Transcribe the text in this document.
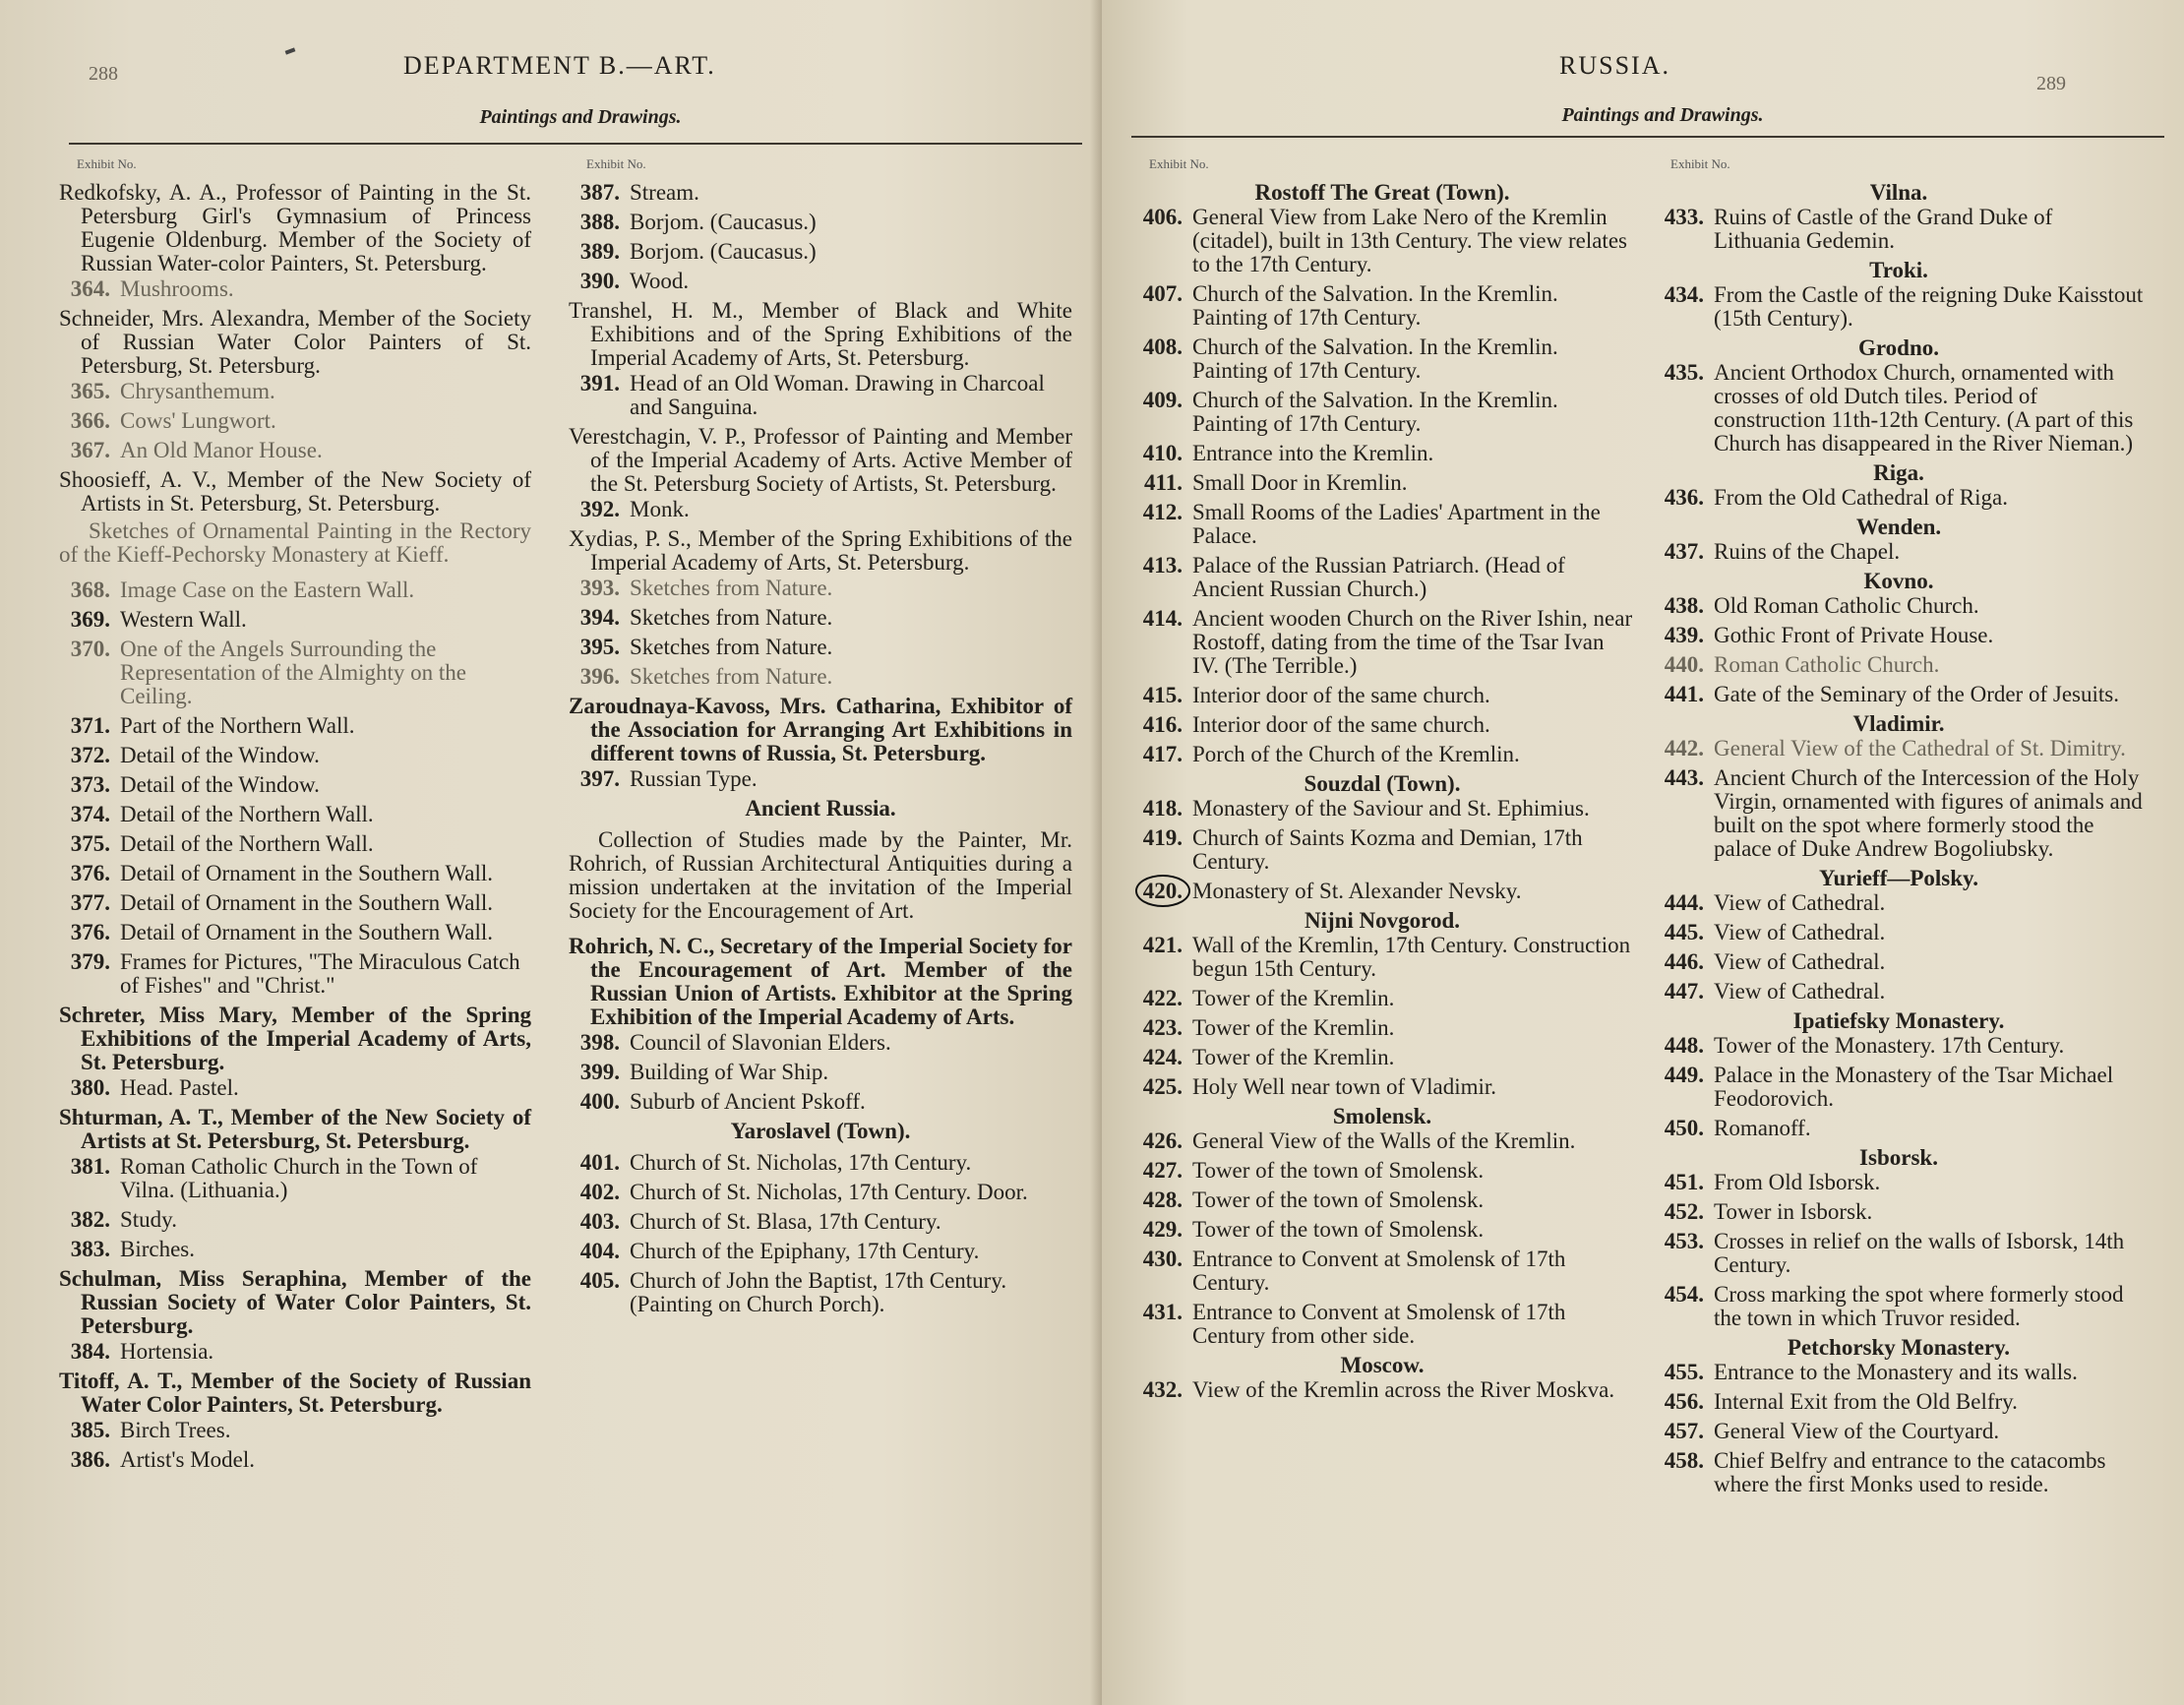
288	DEPARTMENT B.—ART.
Paintings and Drawings.
Exhibit No.
Redkofsky, A. A., Professor of Painting in the St. Petersburg Girl's Gymnasium of Princess Eugenie Oldenburg. Member of the Society of Russian Water-color Painters, St. Petersburg.
364. Mushrooms.
Schneider, Mrs. Alexandra, Member of the Society of Russian Water Color Painters of St. Petersburg, St. Petersburg.
365. Chrysanthemum.
366. Cows' Lungwort.
367. An Old Manor House.
Shoosieff, A. V., Member of the New Society of Artists in St. Petersburg, St. Petersburg.
Sketches of Ornamental Painting in the Rectory of the Kieff-Pechorsky Monastery at Kieff.
368. Image Case on the Eastern Wall.
369. Western Wall.
370. One of the Angels Surrounding the Representation of the Almighty on the Ceiling.
371. Part of the Northern Wall.
372. Detail of the Window.
373. Detail of the Window.
374. Detail of the Northern Wall.
375. Detail of the Northern Wall.
376. Detail of Ornament in the Southern Wall.
377. Detail of Ornament in the Southern Wall.
376. Detail of Ornament in the Southern Wall.
379. Frames for Pictures, "The Miraculous Catch of Fishes" and "Christ."
Schreter, Miss Mary, Member of the Spring Exhibitions of the Imperial Academy of Arts, St. Petersburg.
380. Head. Pastel.
Shturman, A. T., Member of the New Society of Artists at St. Petersburg, St. Petersburg.
381. Roman Catholic Church in the Town of Vilna. (Lithuania.)
382. Study.
383. Birches.
Schulman, Miss Seraphina, Member of the Russian Society of Water Color Painters, St. Petersburg.
384. Hortensia.
Titoff, A. T., Member of the Society of Russian Water Color Painters, St. Petersburg.
385. Birch Trees.
386. Artist's Model.
Exhibit No.
387. Stream.
388. Borjom. (Caucasus.)
389. Borjom. (Caucasus.)
390. Wood.
Transhel, H. M., Member of Black and White Exhibitions and of the Spring Exhibitions of the Imperial Academy of Arts, St. Petersburg.
391. Head of an Old Woman. Drawing in Charcoal and Sanguina.
Verestchagin, V. P., Professor of Painting and Member of the Imperial Academy of Arts. Active Member of the St. Petersburg Society of Artists, St. Petersburg.
392. Monk.
Xydias, P. S., Member of the Spring Exhibitions of the Imperial Academy of Arts, St. Petersburg.
393. Sketches from Nature.
394. Sketches from Nature.
395. Sketches from Nature.
396. Sketches from Nature.
Zaroudnaya-Kavoss, Mrs. Catharina, Exhibitor of the Association for Arranging Art Exhibitions in different towns of Russia, St. Petersburg.
397. Russian Type.
Ancient Russia.
Collection of Studies made by the Painter, Mr. Rohrich, of Russian Architectural Antiquities during a mission undertaken at the invitation of the Imperial Society for the Encouragement of Art.
Rohrich, N. C., Secretary of the Imperial Society for the Encouragement of Art. Member of the Russian Union of Artists. Exhibitor at the Spring Exhibition of the Imperial Academy of Arts.
398. Council of Slavonian Elders.
399. Building of War Ship.
400. Suburb of Ancient Pskoff.
Yaroslavel (Town).
401. Church of St. Nicholas, 17th Century.
402. Church of St. Nicholas, 17th Century. Door.
403. Church of St. Blasa, 17th Century.
404. Church of the Epiphany, 17th Century.
405. Church of John the Baptist, 17th Century. (Painting on Church Porch).
RUSSIA.
289
Paintings and Drawings.
Exhibit No.
Rostoff The Great (Town).
406. General View from Lake Nero of the Kremlin (citadel), built in 13th Century. The view relates to the 17th Century.
407. Church of the Salvation. In the Kremlin. Painting of 17th Century.
408. Church of the Salvation. In the Kremlin. Painting of 17th Century.
409. Church of the Salvation. In the Kremlin. Painting of 17th Century.
410. Entrance into the Kremlin.
411. Small Door in Kremlin.
412. Small Rooms of the Ladies' Apartment in the Palace.
413. Palace of the Russian Patriarch. (Head of Ancient Russian Church.)
414. Ancient wooden Church on the River Ishin, near Rostoff, dating from the time of the Tsar Ivan IV. (The Terrible.)
415. Interior door of the same church.
416. Interior door of the same church.
417. Porch of the Church of the Kremlin.
Souzdal (Town).
418. Monastery of the Saviour and St. Ephimius.
419. Church of Saints Kozma and Demian, 17th Century.
420. Monastery of St. Alexander Nevsky.
Nijni Novgorod.
421. Wall of the Kremlin, 17th Century. Construction begun 15th Century.
422. Tower of the Kremlin.
423. Tower of the Kremlin.
424. Tower of the Kremlin.
425. Holy Well near town of Vladimir.
Smolensk.
426. General View of the Walls of the Kremlin.
427. Tower of the town of Smolensk.
428. Tower of the town of Smolensk.
429. Tower of the town of Smolensk.
430. Entrance to Convent at Smolensk of 17th Century.
431. Entrance to Convent at Smolensk of 17th Century from other side.
Moscow.
432. View of the Kremlin across the River Moskva.
Exhibit No.
Vilna.
433. Ruins of Castle of the Grand Duke of Lithuania Gedemin.
Troki.
434. From the Castle of the reigning Duke Kaisstout (15th Century).
Grodno.
435. Ancient Orthodox Church, ornamented with crosses of old Dutch tiles. Period of construction 11th-12th Century. (A part of this Church has disappeared in the River Nieman.)
Riga.
436. From the Old Cathedral of Riga.
Wenden.
437. Ruins of the Chapel.
Kovno.
438. Old Roman Catholic Church.
439. Gothic Front of Private House.
440. Roman Catholic Church.
441. Gate of the Seminary of the Order of Jesuits.
Vladimir.
442. General View of the Cathedral of St. Dimitry.
443. Ancient Church of the Intercession of the Holy Virgin, ornamented with figures of animals and built on the spot where formerly stood the palace of Duke Andrew Bogoliubsky.
Yurieff—Polsky.
444. View of Cathedral.
445. View of Cathedral.
446. View of Cathedral.
447. View of Cathedral.
Ipatiefsky Monastery.
448. Tower of the Monastery. 17th Century.
449. Palace in the Monastery of the Tsar Michael Feodorovich.
450. Romanoff.
Isborsk.
451. From Old Isborsk.
452. Tower in Isborsk.
453. Crosses in relief on the walls of Isborsk, 14th Century.
454. Cross marking the spot where formerly stood the town in which Truvor resided.
Petchorsky Monastery.
455. Entrance to the Monastery and its walls.
456. Internal Exit from the Old Belfry.
457. General View of the Courtyard.
458. Chief Belfry and entrance to the catacombs where the first Monks used to reside.
